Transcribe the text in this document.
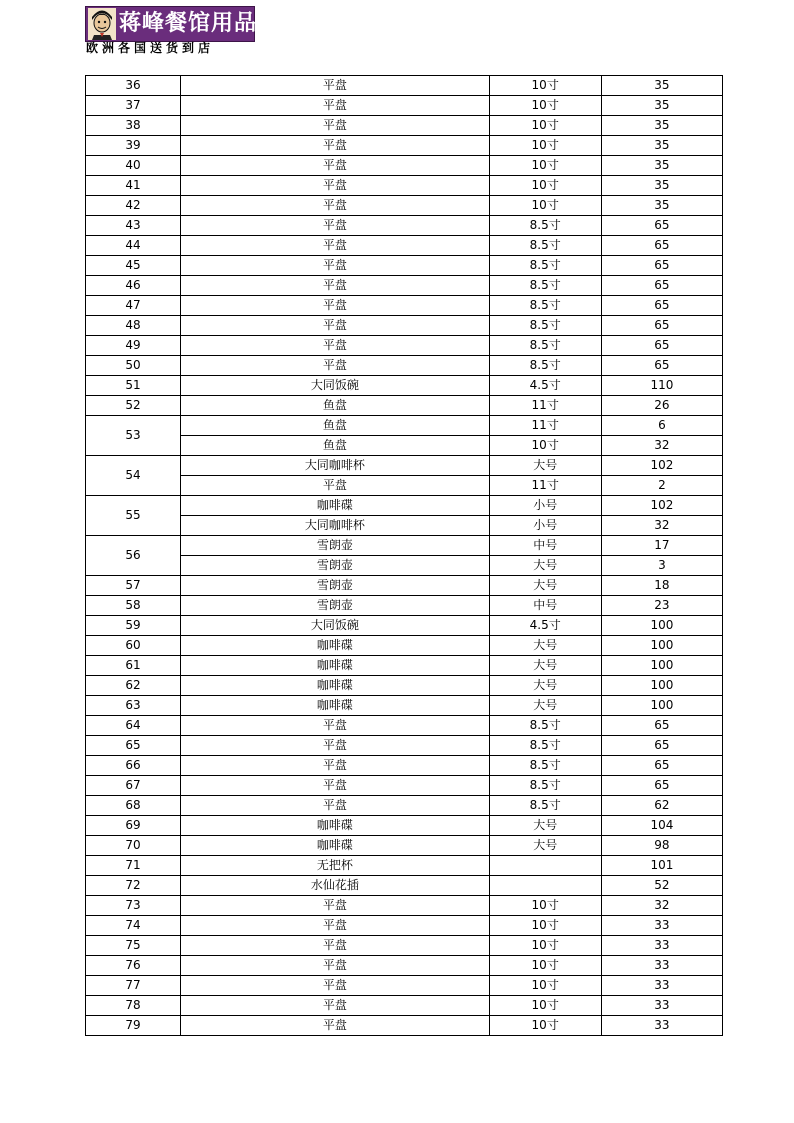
蒋峰餐馆用品
欧洲各国送货到店
36	平盘	10寸	35
37	平盘	10寸	35
38	平盘	10寸	35
39	平盘	10寸	35
40	平盘	10寸	35
41	平盘	10寸	35
42	平盘	10寸	35
43	平盘	8.5寸	65
44	平盘	8.5寸	65
45	平盘	8.5寸	65
46	平盘	8.5寸	65
47	平盘	8.5寸	65
48	平盘	8.5寸	65
49	平盘	8.5寸	65
50	平盘	8.5寸	65
51	大同饭碗	4.5寸	110
52	鱼盘	11寸	26
53	鱼盘	11寸	6
	鱼盘	10寸	32
54	大同咖啡杯	大号	102
	平盘	11寸	2
55	咖啡碟	小号	102
	大同咖啡杯	小号	32
56	雪朗壶	中号	17
	雪朗壶	大号	3
57	雪朗壶	大号	18
58	雪朗壶	中号	23
59	大同饭碗	4.5寸	100
60	咖啡碟	大号	100
61	咖啡碟	大号	100
62	咖啡碟	大号	100
63	咖啡碟	大号	100
64	平盘	8.5寸	65
65	平盘	8.5寸	65
66	平盘	8.5寸	65
67	平盘	8.5寸	65
68	平盘	8.5寸	62
69	咖啡碟	大号	104
70	咖啡碟	大号	98
71	无把杯		101
72	水仙花插		52
73	平盘	10寸	32
74	平盘	10寸	33
75	平盘	10寸	33
76	平盘	10寸	33
77	平盘	10寸	33
78	平盘	10寸	33
79	平盘	10寸	33
